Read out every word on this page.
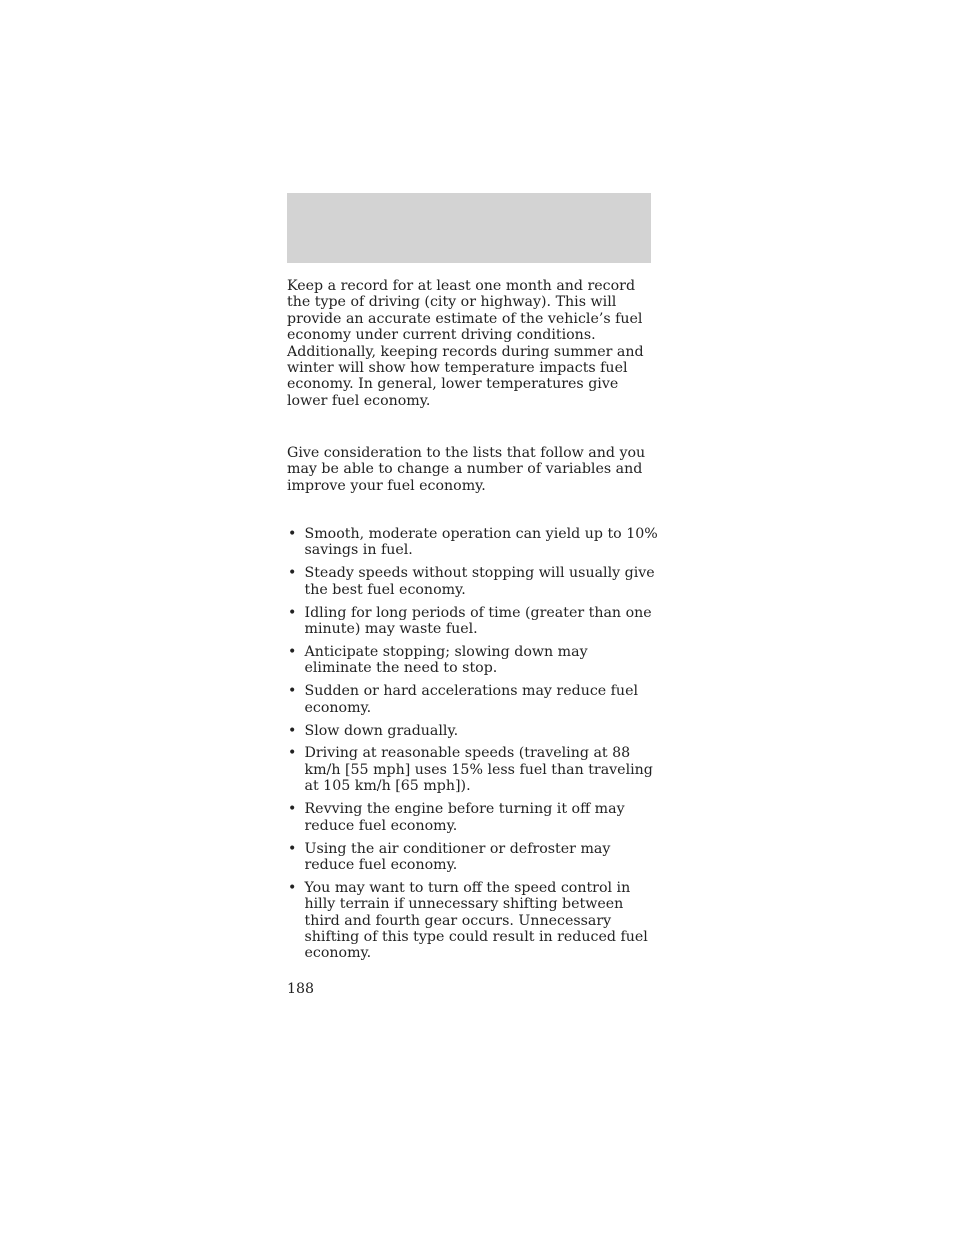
Keep a record for at least one month and record the type of driving (city or highway). This will provide an accurate estimate of the vehicle’s fuel economy under current driving conditions. Additionally, keeping records during summer and winter will show how temperature impacts fuel economy. In general, lower temperatures give lower fuel economy.

Give consideration to the lists that follow and you may be able to change a number of variables and improve your fuel economy.

• Smooth, moderate operation can yield up to 10% savings in fuel.
• Steady speeds without stopping will usually give the best fuel economy.
• Idling for long periods of time (greater than one minute) may waste fuel.
• Anticipate stopping; slowing down may eliminate the need to stop.
• Sudden or hard accelerations may reduce fuel economy.
• Slow down gradually.
• Driving at reasonable speeds (traveling at 88 km/h [55 mph] uses 15% less fuel than traveling at 105 km/h [65 mph]).
• Revving the engine before turning it off may reduce fuel economy.
• Using the air conditioner or defroster may reduce fuel economy.
• You may want to turn off the speed control in hilly terrain if unnecessary shifting between third and fourth gear occurs. Unnecessary shifting of this type could result in reduced fuel economy.
188
